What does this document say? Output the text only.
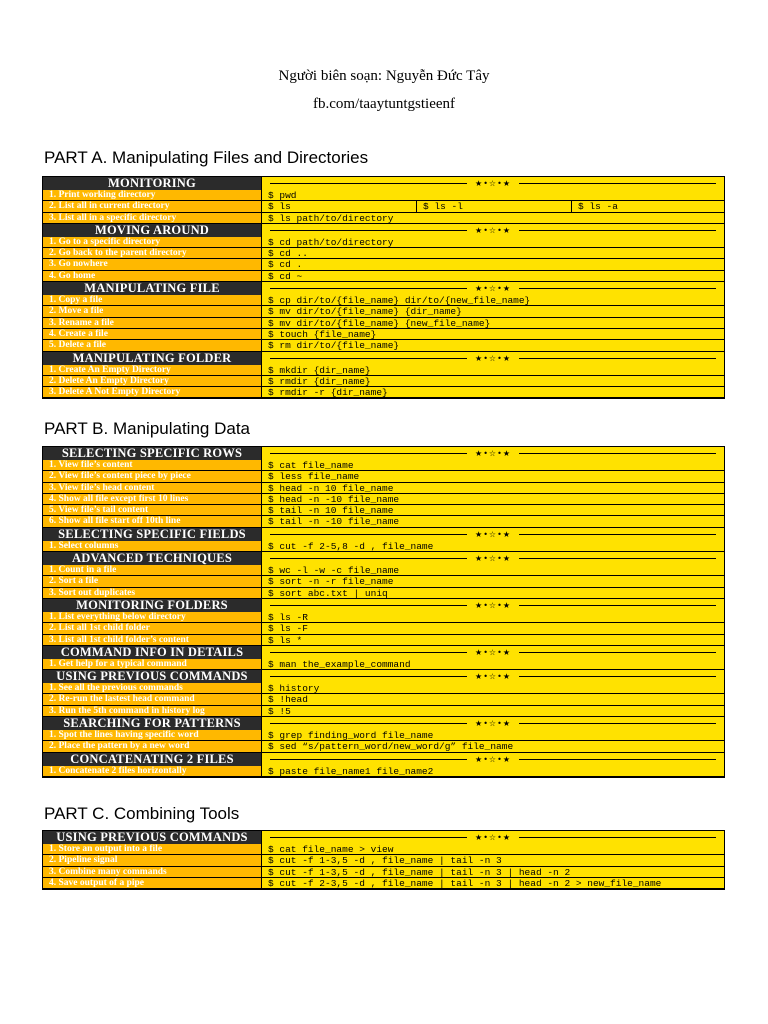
Người biên soạn: Nguyễn Đức Tây
fb.com/taaytuntgstieenf
PART A. Manipulating Files and Directories
MONITORING	★•☆•★
1. Print working directory	$ pwd
2. List all in current directory	$ ls	$ ls -l	$ ls -a
3. List all in a specific directory	$ ls path/to/directory
MOVING AROUND	★•☆•★
1. Go to a specific directory	$ cd path/to/directory
2. Go back to the parent directory	$ cd ..
3. Go nowhere	$ cd .
4. Go home	$ cd ~
MANIPULATING FILE	★•☆•★
1. Copy a file	$ cp dir/to/{file_name} dir/to/{new_file_name}
2. Move a file	$ mv dir/to/{file_name} {dir_name}
3. Rename a file	$ mv dir/to/{file_name} {new_file_name}
4. Create a file	$ touch {file_name}
5. Delete a file	$ rm dir/to/{file_name}
MANIPULATING FOLDER	★•☆•★
1. Create An Empty Directory	$ mkdir {dir_name}
2. Delete An Empty Directory	$ rmdir {dir_name}
3. Delete A Not Empty Directory	$ rmdir -r {dir_name}
PART B. Manipulating Data
SELECTING SPECIFIC ROWS	★•☆•★
1. View file’s content	$ cat file_name
2. View file’s content piece by piece	$ less file_name
3. View file’s head content	$ head -n 10 file_name
4. Show all file except first 10 lines	$ head -n -10 file_name
5. View file’s tail content	$ tail -n 10 file_name
6. Show all file start off 10th line	$ tail -n -10 file_name
SELECTING SPECIFIC FIELDS	★•☆•★
1. Select columns	$ cut -f 2-5,8 -d , file_name
ADVANCED TECHNIQUES	★•☆•★
1. Count in a file	$ wc -l -w -c file_name
2. Sort a file	$ sort -n -r file_name
3. Sort out duplicates	$ sort abc.txt | uniq
MONITORING FOLDERS	★•☆•★
1. List everything below directory	$ ls -R
2. List all 1st child folder	$ ls -F
3. List all 1st child folder’s content	$ ls *
COMMAND INFO IN DETAILS	★•☆•★
1. Get help for a typical command	$ man the_example_command
USING PREVIOUS COMMANDS	★•☆•★
1. See all the previous commands	$ history
2. Re-run the lastest head command	$ !head
3. Run the 5th command in history log	$ !5
SEARCHING FOR PATTERNS	★•☆•★
1. Spot the lines having specific word	$ grep finding_word file_name
2. Place the pattern by a new word	$ sed “s/pattern_word/new_word/g” file_name
CONCATENATING 2 FILES	★•☆•★
1. Concatenate 2 files horizontally	$ paste file_name1 file_name2
PART C. Combining Tools
USING PREVIOUS COMMANDS	★•☆•★
1. Store an output into a file	$ cat file_name > view
2. Pipeline signal	$ cut -f 1-3,5 -d , file_name | tail -n 3
3. Combine many commands	$ cut -f 1-3,5 -d , file_name | tail -n 3 | head -n 2
4. Save output of a pipe	$ cut -f 2-3,5 -d , file_name | tail -n 3 | head -n 2 > new_file_name
